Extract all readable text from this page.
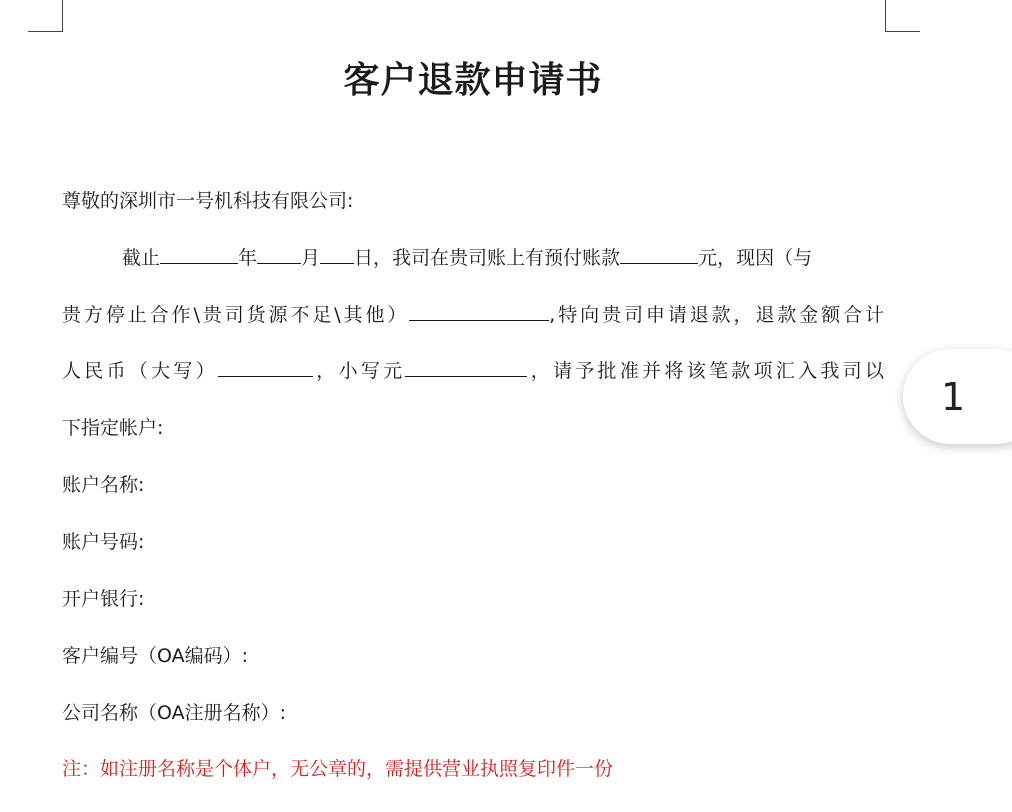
客户退款申请书
尊敬的深圳市一号机科技有限公司:
截止	年 月 日，我司在贵司账上有预付账款	元，现因（与
贵方停止合作\贵司货源不足\其他）	,特向贵司申请退款，退款金额合计
人民币（大写）	，小写元	，请予批准并将该笔款项汇入我司以
下指定帐户:
账户名称:
账户号码:
开户银行:
客户编号（OA编码）:
公司名称（OA注册名称）:
注：如注册名称是个体户，无公章的，需提供营业执照复印件一份
1
